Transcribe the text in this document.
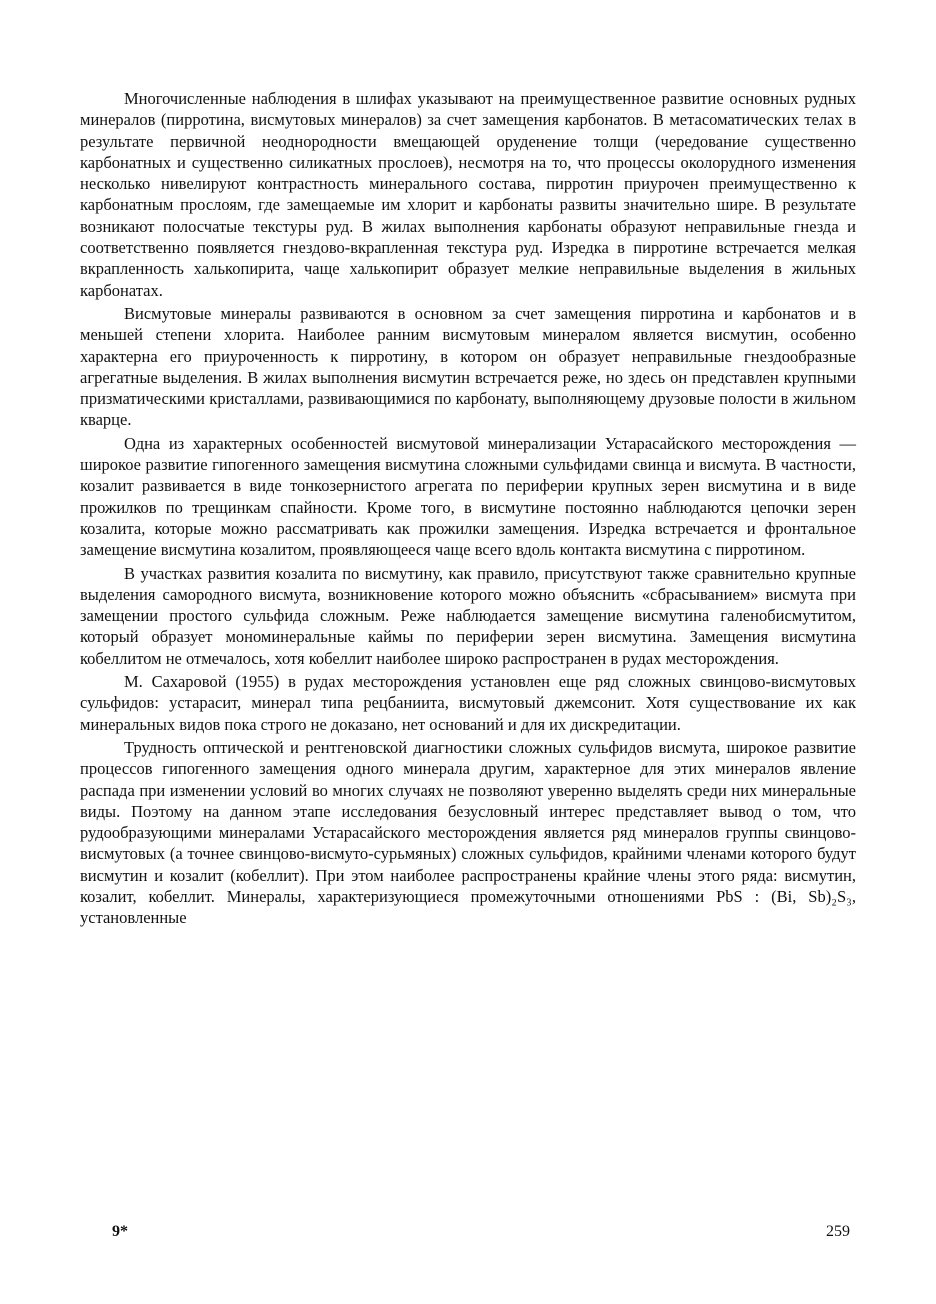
Многочисленные наблюдения в шлифах указывают на преимущественное развитие основных рудных минералов (пирротина, висмутовых минералов) за счет замещения карбонатов. В метасоматических телах в результате первичной неоднородности вмещающей оруденение толщи (чередование существенно карбонатных и существенно силикатных прослоев), несмотря на то, что процессы околорудного изменения несколько нивелируют контрастность минерального состава, пирротин приурочен преимущественно к карбонатным прослоям, где замещаемые им хлорит и карбонаты развиты значительно шире. В результате возникают полосчатые текстуры руд. В жилах выполнения карбонаты образуют неправильные гнезда и соответственно появляется гнездово-вкрапленная текстура руд. Изредка в пирротине встречается мелкая вкрапленность халькопирита, чаще халькопирит образует мелкие неправильные выделения в жильных карбонатах.

Висмутовые минералы развиваются в основном за счет замещения пирротина и карбонатов и в меньшей степени хлорита. Наиболее ранним висмутовым минералом является висмутин, особенно характерна его приуроченность к пирротину, в котором он образует неправильные гнездообразные агрегатные выделения. В жилах выполнения висмутин встречается реже, но здесь он представлен крупными призматическими кристаллами, развивающимися по карбонату, выполняющему друзовые полости в жильном кварце.

Одна из характерных особенностей висмутовой минерализации Устарасайского месторождения — широкое развитие гипогенного замещения висмутина сложными сульфидами свинца и висмута. В частности, козалит развивается в виде тонкозернистого агрегата по периферии крупных зерен висмутина и в виде прожилков по трещинкам спайности. Кроме того, в висмутине постоянно наблюдаются цепочки зерен козалита, которые можно рассматривать как прожилки замещения. Изредка встречается и фронтальное замещение висмутина козалитом, проявляющееся чаще всего вдоль контакта висмутина с пирротином.

В участках развития козалита по висмутину, как правило, присутствуют также сравнительно крупные выделения самородного висмута, возникновение которого можно объяснить «сбрасыванием» висмута при замещении простого сульфида сложным. Реже наблюдается замещение висмутина галенобисмутитом, который образует мономинеральные каймы по периферии зерен висмутина. Замещения висмутина кобеллитом не отмечалось, хотя кобеллит наиболее широко распространен в рудах месторождения.

М. Сахаровой (1955) в рудах месторождения установлен еще ряд сложных свинцово-висмутовых сульфидов: устарасит, минерал типа рецбаниита, висмутовый джемсонит. Хотя существование их как минеральных видов пока строго не доказано, нет оснований и для их дискредитации.

Трудность оптической и рентгеновской диагностики сложных сульфидов висмута, широкое развитие процессов гипогенного замещения одного минерала другим, характерное для этих минералов явление распада при изменении условий во многих случаях не позволяют уверенно выделять среди них минеральные виды. Поэтому на данном этапе исследования безусловный интерес представляет вывод о том, что рудообразующими минералами Устарасайского месторождения является ряд минералов группы свинцово-висмутовых (а точнее свинцово-висмуто-сурьмяных) сложных сульфидов, крайними членами которого будут висмутин и козалит (кобеллит). При этом наиболее распространены крайние члены этого ряда: висмутин, козалит, кобеллит. Минералы, характеризующиеся промежуточными отношениями PbS : (Bi, Sb)₂S₃, установленные

9*	259
